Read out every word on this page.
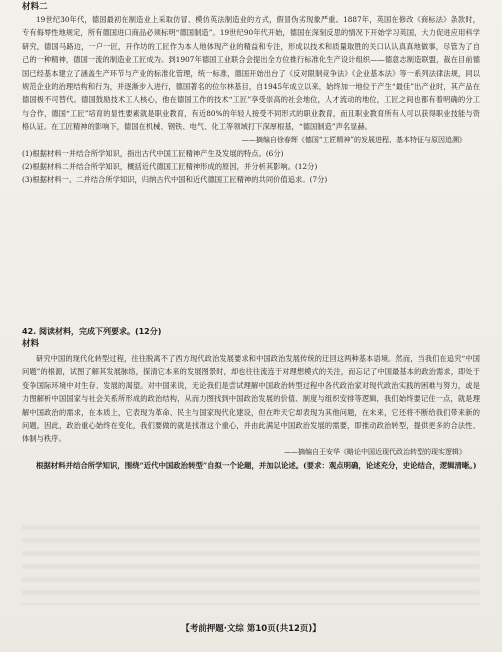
材料二

19世纪30年代，德国最初在制造业上采取仿冒、模仿英法制造业的方式，假冒伪劣现象严重。1887年，英国在修改《商标法》条款时，专有侮辱性地规定，所有德国进口商品必须标明“德国制造”。19世纪90年代开始，德国在深刻反思的情况下开始学习英国，大力促进应用科学研究，德国马路边，一户一匠，开作坊的工匠作为本人地体现产业的精益和专注，形成以技术和质量取胜的关口认认真真地做事，尽管为了自己的一种精神，德国一流的制造业工匠成为。到1907年德国工业联合会提出全方位推行标准化生产设计组织——德意志制造联盟，裁在目前德国已经基本建立了涵盖生产环节与产业的标准化管理，统一标准，德国开始出台了《反对限制竞争法》《企业基本法》等一系列法律法规，同以规范企业的治理结构和行为，并逐渐步入进行，德国著名的位尔林基目，自1945年成立以来，始终加一地位于产生“最佳”出产业时，其产品在德国极不可替代。德国鼓励技术工人核心，他在德国工作的技术“工匠”享受崇高的社会地位，人才流动的地位，工匠之间也都有着明确的分工与合作，德国“工匠”培育的显性要素就是职业教育，有近80%的年轻人接受不同形式的职业教育，而且职业教育所有人可以获得职业技能与资格认证。在工匠精神的影响下，德国在机械、钢铁、电气、化工等领域打下深厚根基，“德国制造”声名显赫。

——摘编自徐春辉《德国“工匠精神”的发展进程、基本特征与原因追溯》

(1)根据材料一并结合所学知识，指出古代中国工匠精神产生及发展的特点。(6分)
(2)根据材料二并结合所学知识，概括近代德国工匠精神形成的原因，并分析其影响。(12分)
(3)根据材料一、二并结合所学知识，归纳古代中国和近代德国工匠精神的共同价值追求。(7分)
42. 阅读材料，完成下列要求。(12分)
材料

研究中国的现代化转型过程，往往脱离不了西方现代政治发展要求和中国政治发展传统的迂回这两种基本语境。然而，当我们在追究“中国问题”的根源，试图了解其发展脉络，探清它本来的发展图景时，却也往往流连于对理想模式的关注，而忘记了中国最基本的政治需求，即处于变争国际环境中对生存、发展的渴望。对中国来说，无论我们是尝试理解中国政治转型过程中各代政治家对现代政治实践的困难与努力，或是力图解析中国国家与社会关系所形成的政治结构，从而力图找到中国政治发展的价值、制度与组织安排等逻辑，我们始终要记住一点，就是理解中国政治的需求，在本质上，它表现为革命、民主与国家现代化建设，但在昨天它却表现为其他问题，在未来，它还将不断给我们带来新的问题。因此，政治重心始终在变化，我们要做的就是找准这个重心，并由此满足中国政治发展的需要，即推动政治转型，提供更多的合法性、体制与秩序。

——摘编自王安华《略论中国近现代政治转型的现实逻辑》

根据材料并结合所学知识，围绕“近代中国政治转型”自拟一个论题，并加以论述。(要求：观点明确，论述充分，史论结合，逻辑清晰。)

【考前押题·文综 第10页(共12页)】
